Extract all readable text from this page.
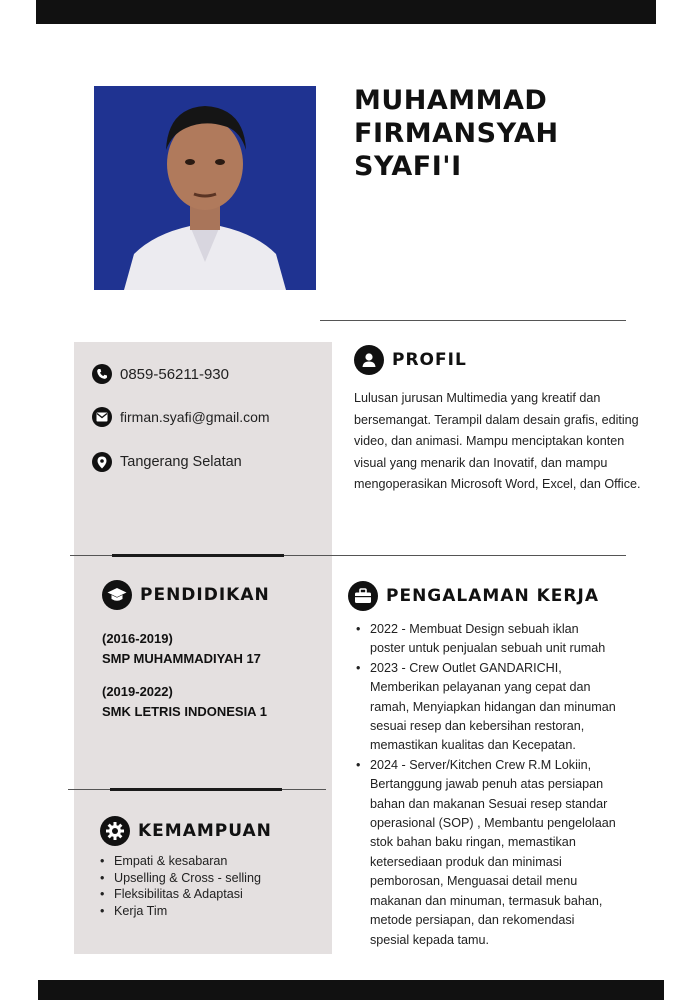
MUHAMMAD
FIRMANSYAH
SYAFI'I
0859-56211-930
firman.syafi@gmail.com
Tangerang Selatan
PROFIL
Lulusan jurusan Multimedia yang kreatif dan
bersemangat. Terampil dalam desain grafis, editing
video, dan animasi. Mampu menciptakan konten
visual yang menarik dan Inovatif, dan mampu
mengoperasikan Microsoft Word, Excel, dan Office.
PENDIDIKAN
(2016-2019)
SMP MUHAMMADIYAH 17
(2019-2022)
SMK LETRIS INDONESIA 1
KEMAMPUAN
• Empati & kesabaran
• Upselling & Cross - selling
• Fleksibilitas & Adaptasi
• Kerja Tim
PENGALAMAN KERJA
• 2022 - Membuat Design sebuah iklan
poster untuk penjualan sebuah unit rumah
• 2023 - Crew Outlet GANDARICHI,
Memberikan pelayanan yang cepat dan
ramah, Menyiapkan hidangan dan minuman
sesuai resep dan kebersihan restoran,
memastikan kualitas dan Kecepatan.
• 2024 - Server/Kitchen Crew R.M Lokiin,
Bertanggung jawab penuh atas persiapan
bahan dan makanan Sesuai resep standar
operasional (SOP) , Membantu pengelolaan
stok bahan baku ringan, memastikan
ketersediaan produk dan minimasi
pemborosan, Menguasai detail menu
makanan dan minuman, termasuk bahan,
metode persiapan, dan rekomendasi
spesial kepada tamu.
